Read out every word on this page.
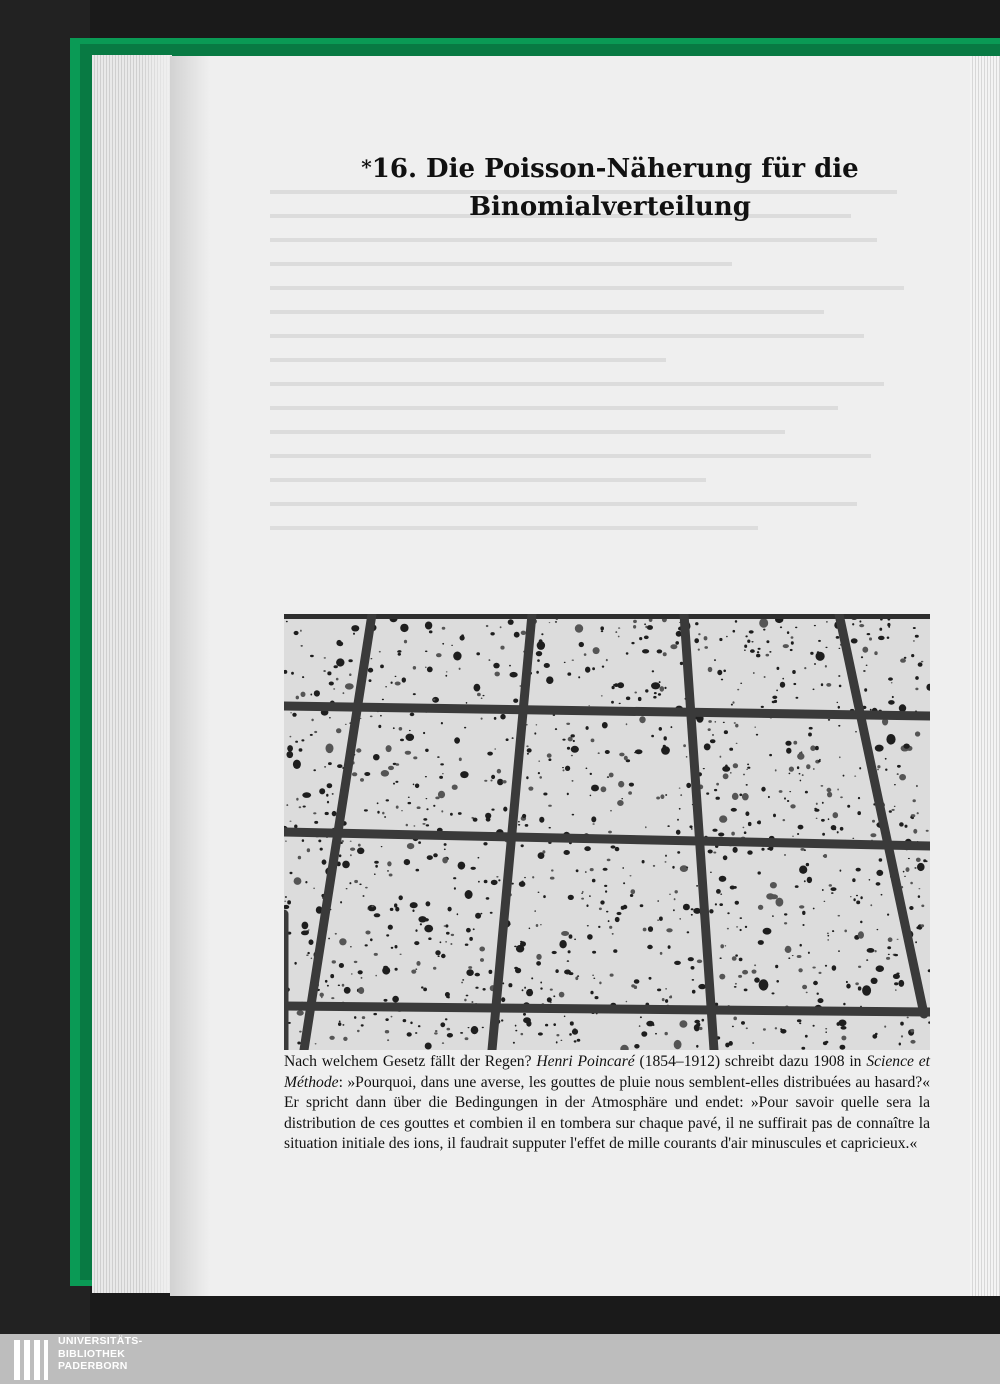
*16. Die Poisson-Näherung für die
Binomialverteilung
Nach welchem Gesetz fällt der Regen? Henri Poincaré (1854–1912) schreibt dazu 1908 in Science et Méthode: »Pourquoi, dans une averse, les gouttes de pluie nous semblent-elles distribuées au hasard?« Er spricht dann über die Bedingungen in der Atmosphäre und endet: »Pour savoir quelle sera la distribution de ces gouttes et combien il en tombera sur chaque pavé, il ne suffirait pas de connaître la situation initiale des ions, il faudrait supputer l'effet de mille courants d'air minuscules et capricieux.«
UNIVERSITÄTS-
BIBLIOTHEK
PADERBORN
